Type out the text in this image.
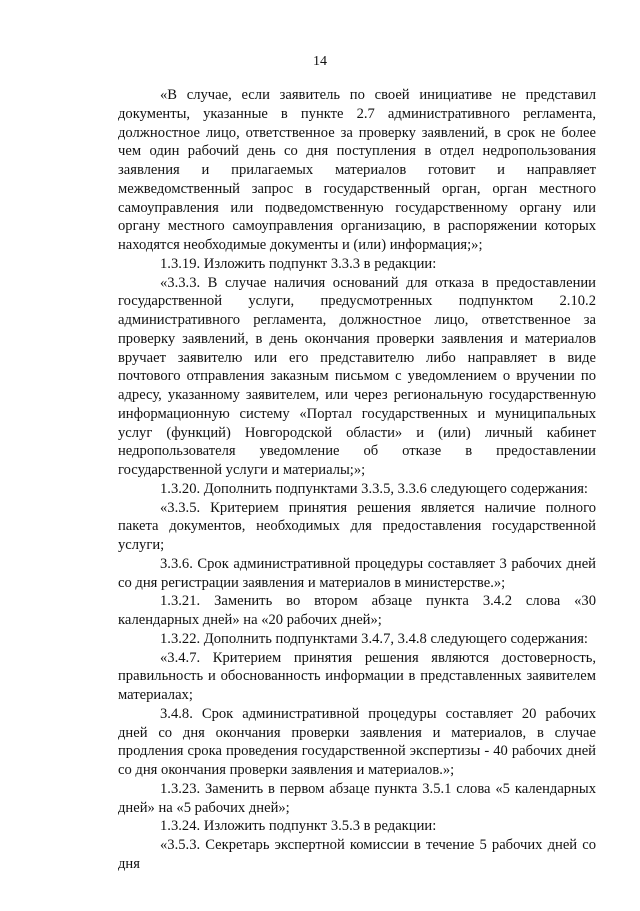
14

«В случае, если заявитель по своей инициативе не представил документы, указанные в пункте 2.7 административного регламента, должностное лицо, ответственное за проверку заявлений, в срок не более чем один рабочий день со дня поступления в отдел недропользования заявления и прилагаемых материалов готовит и направляет межведомственный запрос в государственный орган, орган местного самоуправления или подведомственную государственному органу или органу местного самоуправления организацию, в распоряжении которых находятся необходимые документы и (или) информация;»;

1.3.19. Изложить подпункт 3.3.3 в редакции:

«3.3.3. В случае наличия оснований для отказа в предоставлении государственной услуги, предусмотренных подпунктом 2.10.2 административного регламента, должностное лицо, ответственное за проверку заявлений, в день окончания проверки заявления и материалов вручает заявителю или его представителю либо направляет в виде почтового отправления заказным письмом с уведомлением о вручении по адресу, указанному заявителем, или через региональную государственную информационную систему «Портал государственных и муниципальных услуг (функций) Новгородской области» и (или) личный кабинет недропользователя уведомление об отказе в предоставлении государственной услуги и материалы;»;

1.3.20. Дополнить подпунктами 3.3.5, 3.3.6 следующего содержания:

«3.3.5. Критерием принятия решения является наличие полного пакета документов, необходимых для предоставления государственной услуги;

3.3.6. Срок административной процедуры составляет 3 рабочих дней со дня регистрации заявления и материалов в министерстве.»;

1.3.21. Заменить во втором абзаце пункта 3.4.2 слова «30 календарных дней» на «20 рабочих дней»;

1.3.22. Дополнить подпунктами 3.4.7, 3.4.8 следующего содержания:

«3.4.7. Критерием принятия решения являются достоверность, правильность и обоснованность информации в представленных заявителем материалах;

3.4.8. Срок административной процедуры составляет 20 рабочих дней со дня окончания проверки заявления и материалов, в случае продления срока проведения государственной экспертизы - 40 рабочих дней со дня окончания проверки заявления и материалов.»;

1.3.23. Заменить в первом абзаце пункта 3.5.1 слова «5 календарных дней» на «5 рабочих дней»;

1.3.24. Изложить подпункт 3.5.3 в редакции:

«3.5.3. Секретарь экспертной комиссии в течение 5 рабочих дней со дня
